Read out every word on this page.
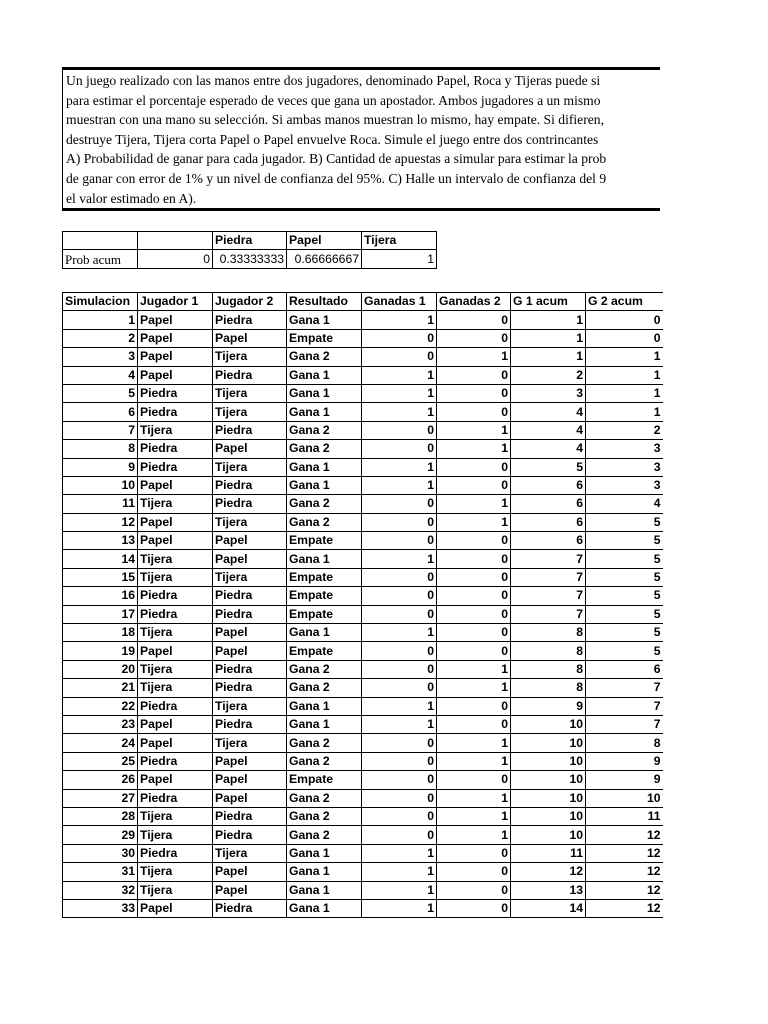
Un juego realizado con las manos entre dos jugadores, denominado Papel, Roca y Tijeras puede si
para estimar el porcentaje esperado de veces que gana un apostador. Ambos jugadores a un mismo
muestran con una mano su selección. Si ambas manos muestran lo mismo, hay empate. Si difieren,
destruye Tijera, Tijera corta Papel o Papel envuelve Roca. Simule el juego entre dos contrincantes
A) Probabilidad de ganar para cada jugador. B) Cantidad de apuestas a simular para estimar la prob
de ganar con error de 1% y un nivel de confianza del 95%. C) Halle un intervalo de confianza del 9
el valor estimado en A).
		Piedra	Papel	Tijera
Prob acum	0	0.33333333	0.66666667	1
Simulacion	Jugador 1	Jugador 2	Resultado	Ganadas 1	Ganadas 2	G 1 acum	G 2 acum
1	Papel	Piedra	Gana 1	1	0	1	0
2	Papel	Papel	Empate	0	0	1	0
3	Papel	Tijera	Gana 2	0	1	1	1
4	Papel	Piedra	Gana 1	1	0	2	1
5	Piedra	Tijera	Gana 1	1	0	3	1
6	Piedra	Tijera	Gana 1	1	0	4	1
7	Tijera	Piedra	Gana 2	0	1	4	2
8	Piedra	Papel	Gana 2	0	1	4	3
9	Piedra	Tijera	Gana 1	1	0	5	3
10	Papel	Piedra	Gana 1	1	0	6	3
11	Tijera	Piedra	Gana 2	0	1	6	4
12	Papel	Tijera	Gana 2	0	1	6	5
13	Papel	Papel	Empate	0	0	6	5
14	Tijera	Papel	Gana 1	1	0	7	5
15	Tijera	Tijera	Empate	0	0	7	5
16	Piedra	Piedra	Empate	0	0	7	5
17	Piedra	Piedra	Empate	0	0	7	5
18	Tijera	Papel	Gana 1	1	0	8	5
19	Papel	Papel	Empate	0	0	8	5
20	Tijera	Piedra	Gana 2	0	1	8	6
21	Tijera	Piedra	Gana 2	0	1	8	7
22	Piedra	Tijera	Gana 1	1	0	9	7
23	Papel	Piedra	Gana 1	1	0	10	7
24	Papel	Tijera	Gana 2	0	1	10	8
25	Piedra	Papel	Gana 2	0	1	10	9
26	Papel	Papel	Empate	0	0	10	9
27	Piedra	Papel	Gana 2	0	1	10	10
28	Tijera	Piedra	Gana 2	0	1	10	11
29	Tijera	Piedra	Gana 2	0	1	10	12
30	Piedra	Tijera	Gana 1	1	0	11	12
31	Tijera	Papel	Gana 1	1	0	12	12
32	Tijera	Papel	Gana 1	1	0	13	12
33	Papel	Piedra	Gana 1	1	0	14	12
